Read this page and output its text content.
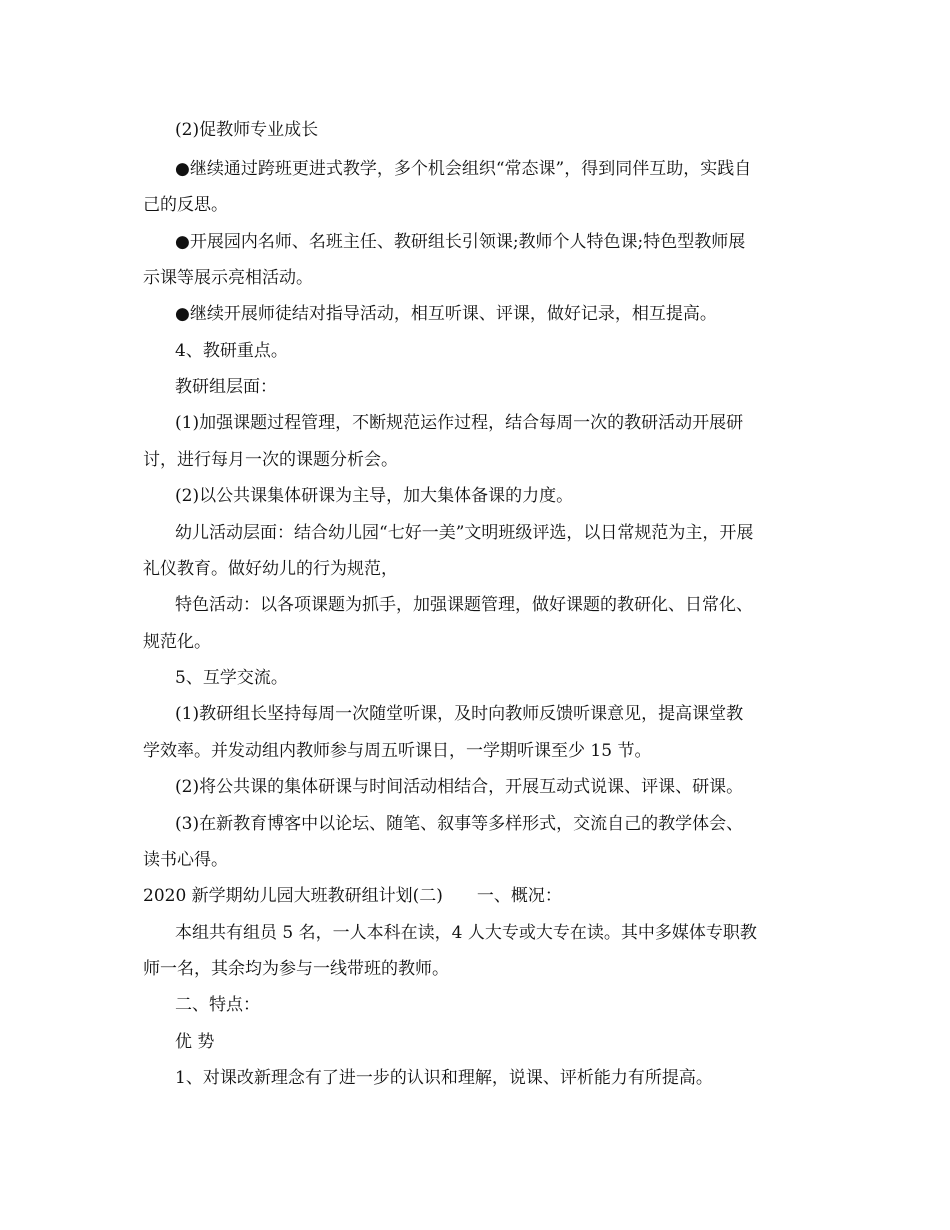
(2)促教师专业成长
●继续通过跨班更进式教学，多个机会组织“常态课”，得到同伴互助，实践自
己的反思。
●开展园内名师、名班主任、教研组长引领课;教师个人特色课;特色型教师展
示课等展示亮相活动。
●继续开展师徒结对指导活动，相互听课、评课，做好记录，相互提高。
4、教研重点。
教研组层面：
(1)加强课题过程管理，不断规范运作过程，结合每周一次的教研活动开展研
讨，进行每月一次的课题分析会。
(2)以公共课集体研课为主导，加大集体备课的力度。
幼儿活动层面：结合幼儿园“七好一美”文明班级评选，以日常规范为主，开展
礼仪教育。做好幼儿的行为规范，
特色活动：以各项课题为抓手，加强课题管理，做好课题的教研化、日常化、
规范化。
5、互学交流。
(1)教研组长坚持每周一次随堂听课，及时向教师反馈听课意见，提高课堂教
学效率。并发动组内教师参与周五听课日，一学期听课至少 15 节。
(2)将公共课的集体研课与时间活动相结合，开展互动式说课、评课、研课。
(3)在新教育博客中以论坛、随笔、叙事等多样形式，交流自己的教学体会、
读书心得。
2020 新学期幼儿园大班教研组计划(二)　　一、概况：
本组共有组员 5 名，一人本科在读，4 人大专或大专在读。其中多媒体专职教
师一名，其余均为参与一线带班的教师。
二、特点：
优 势
1、对课改新理念有了进一步的认识和理解，说课、评析能力有所提高。
